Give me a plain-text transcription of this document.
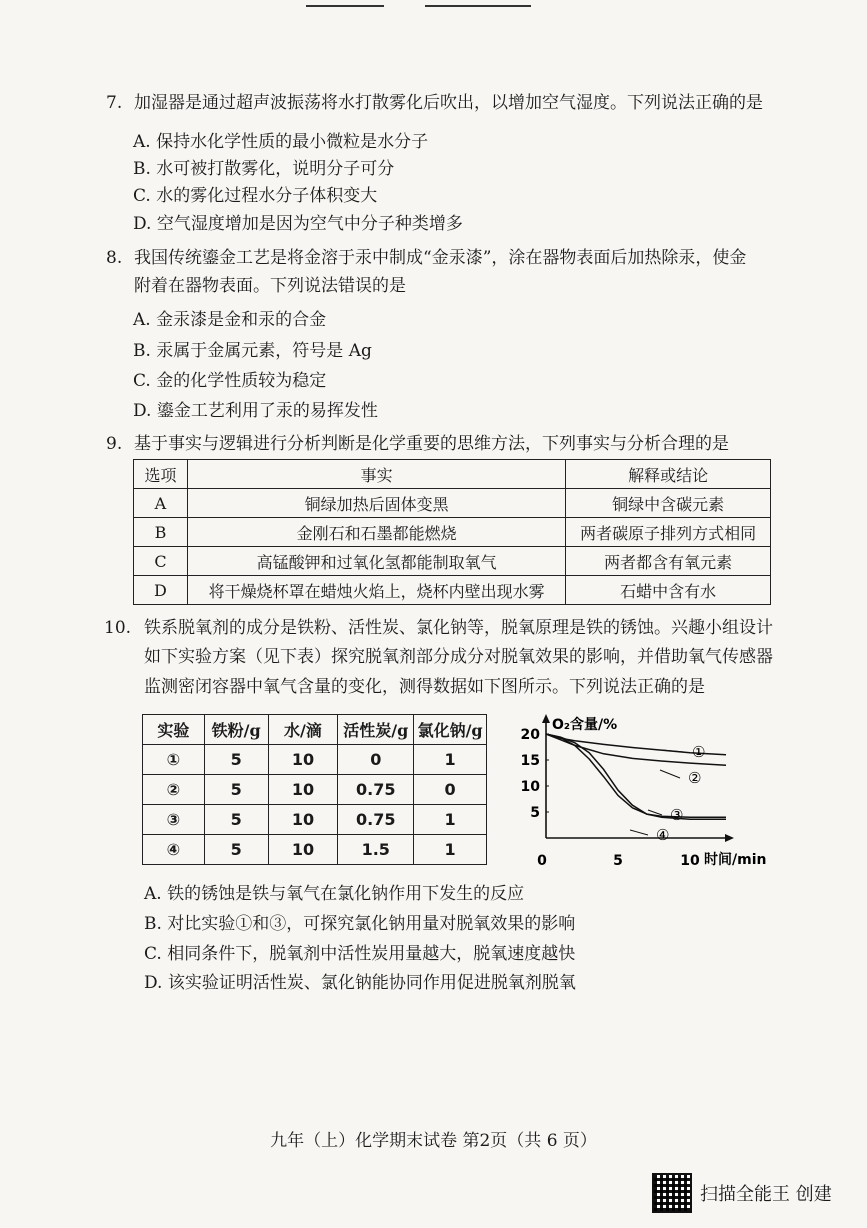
7. 加湿器是通过超声波振荡将水打散雾化后吹出，以增加空气湿度。下列说法正确的是
A. 保持水化学性质的最小微粒是水分子
B. 水可被打散雾化，说明分子可分
C. 水的雾化过程水分子体积变大
D. 空气湿度增加是因为空气中分子种类增多
8. 我国传统鎏金工艺是将金溶于汞中制成“金汞漆”，涂在器物表面后加热除汞，使金
附着在器物表面。下列说法错误的是
A. 金汞漆是金和汞的合金
B. 汞属于金属元素，符号是 Ag
C. 金的化学性质较为稳定
D. 鎏金工艺利用了汞的易挥发性
9. 基于事实与逻辑进行分析判断是化学重要的思维方法，下列事实与分析合理的是
选项	事实	解释或结论
A	铜绿加热后固体变黑	铜绿中含碳元素
B	金刚石和石墨都能燃烧	两者碳原子排列方式相同
C	高锰酸钾和过氧化氢都能制取氧气	两者都含有氧元素
D	将干燥烧杯罩在蜡烛火焰上，烧杯内壁出现水雾	石蜡中含有水
10. 铁系脱氧剂的成分是铁粉、活性炭、氯化钠等，脱氧原理是铁的锈蚀。兴趣小组设计
如下实验方案（见下表）探究脱氧剂部分成分对脱氧效果的影响，并借助氧气传感器
监测密闭容器中氧气含量的变化，测得数据如下图所示。下列说法正确的是
实验	铁粉/g	水/滴	活性炭/g	氯化钠/g
①	5	10	0	1
②	5	10	0.75	0
③	5	10	0.75	1
④	5	10	1.5	1
O₂含量/%
时间/min
0
20
15
10
5
5	10
①
②
③
④
A. 铁的锈蚀是铁与氧气在氯化钠作用下发生的反应
B. 对比实验①和③，可探究氯化钠用量对脱氧效果的影响
C. 相同条件下，脱氧剂中活性炭用量越大，脱氧速度越快
D. 该实验证明活性炭、氯化钠能协同作用促进脱氧剂脱氧
九年（上）化学期末试卷 第2页（共 6 页）
扫描全能王 创建
